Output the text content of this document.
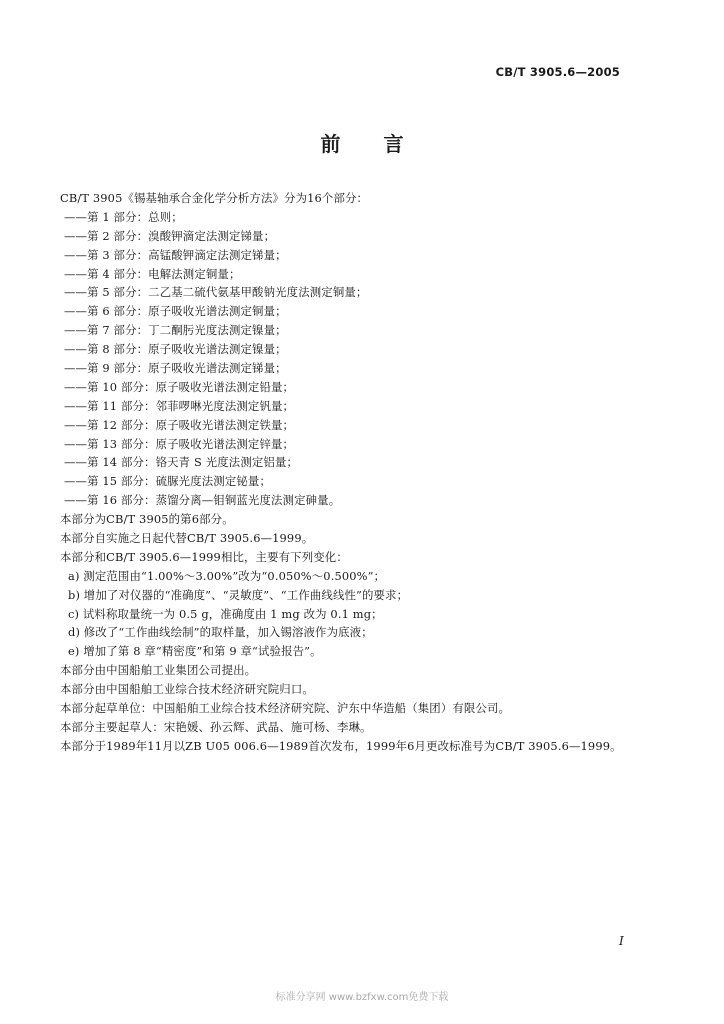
CB/T 3905.6—2005
前 言
CB/T 3905《锡基轴承合金化学分析方法》分为16个部分：
——第 1 部分：总则；
——第 2 部分：溴酸钾滴定法测定锑量；
——第 3 部分：高锰酸钾滴定法测定锑量；
——第 4 部分：电解法测定铜量；
——第 5 部分：二乙基二硫代氨基甲酸钠光度法测定铜量；
——第 6 部分：原子吸收光谱法测定铜量；
——第 7 部分：丁二酮肟光度法测定镍量；
——第 8 部分：原子吸收光谱法测定镍量；
——第 9 部分：原子吸收光谱法测定锑量；
——第 10 部分：原子吸收光谱法测定铅量；
——第 11 部分：邻菲啰啉光度法测定钒量；
——第 12 部分：原子吸收光谱法测定铁量；
——第 13 部分：原子吸收光谱法测定锌量；
——第 14 部分：铬天青 S 光度法测定铝量；
——第 15 部分：硫脲光度法测定铋量；
——第 16 部分：蒸馏分离—钼铜蓝光度法测定砷量。
本部分为CB/T 3905的第6部分。
本部分自实施之日起代替CB/T 3905.6—1999。
本部分和CB/T 3905.6—1999相比，主要有下列变化：
a) 测定范围由“1.00%～3.00%”改为“0.050%～0.500%”；
b) 增加了对仪器的“准确度”、“灵敏度”、“工作曲线线性”的要求；
c) 试料称取量统一为 0.5 g，准确度由 1 mg 改为 0.1 mg；
d) 修改了“工作曲线绘制”的取样量，加入锡溶液作为底液；
e) 增加了第 8 章“精密度”和第 9 章“试验报告”。
本部分由中国船舶工业集团公司提出。
本部分由中国船舶工业综合技术经济研究院归口。
本部分起草单位：中国船舶工业综合技术经济研究院、沪东中华造船（集团）有限公司。
本部分主要起草人：宋艳媛、孙云辉、武晶、施可杨、李琳。
本部分于1989年11月以ZB U05 006.6—1989首次发布，1999年6月更改标准号为CB/T 3905.6—1999。
I
标准分享网 www.bzfxw.com免费下载
